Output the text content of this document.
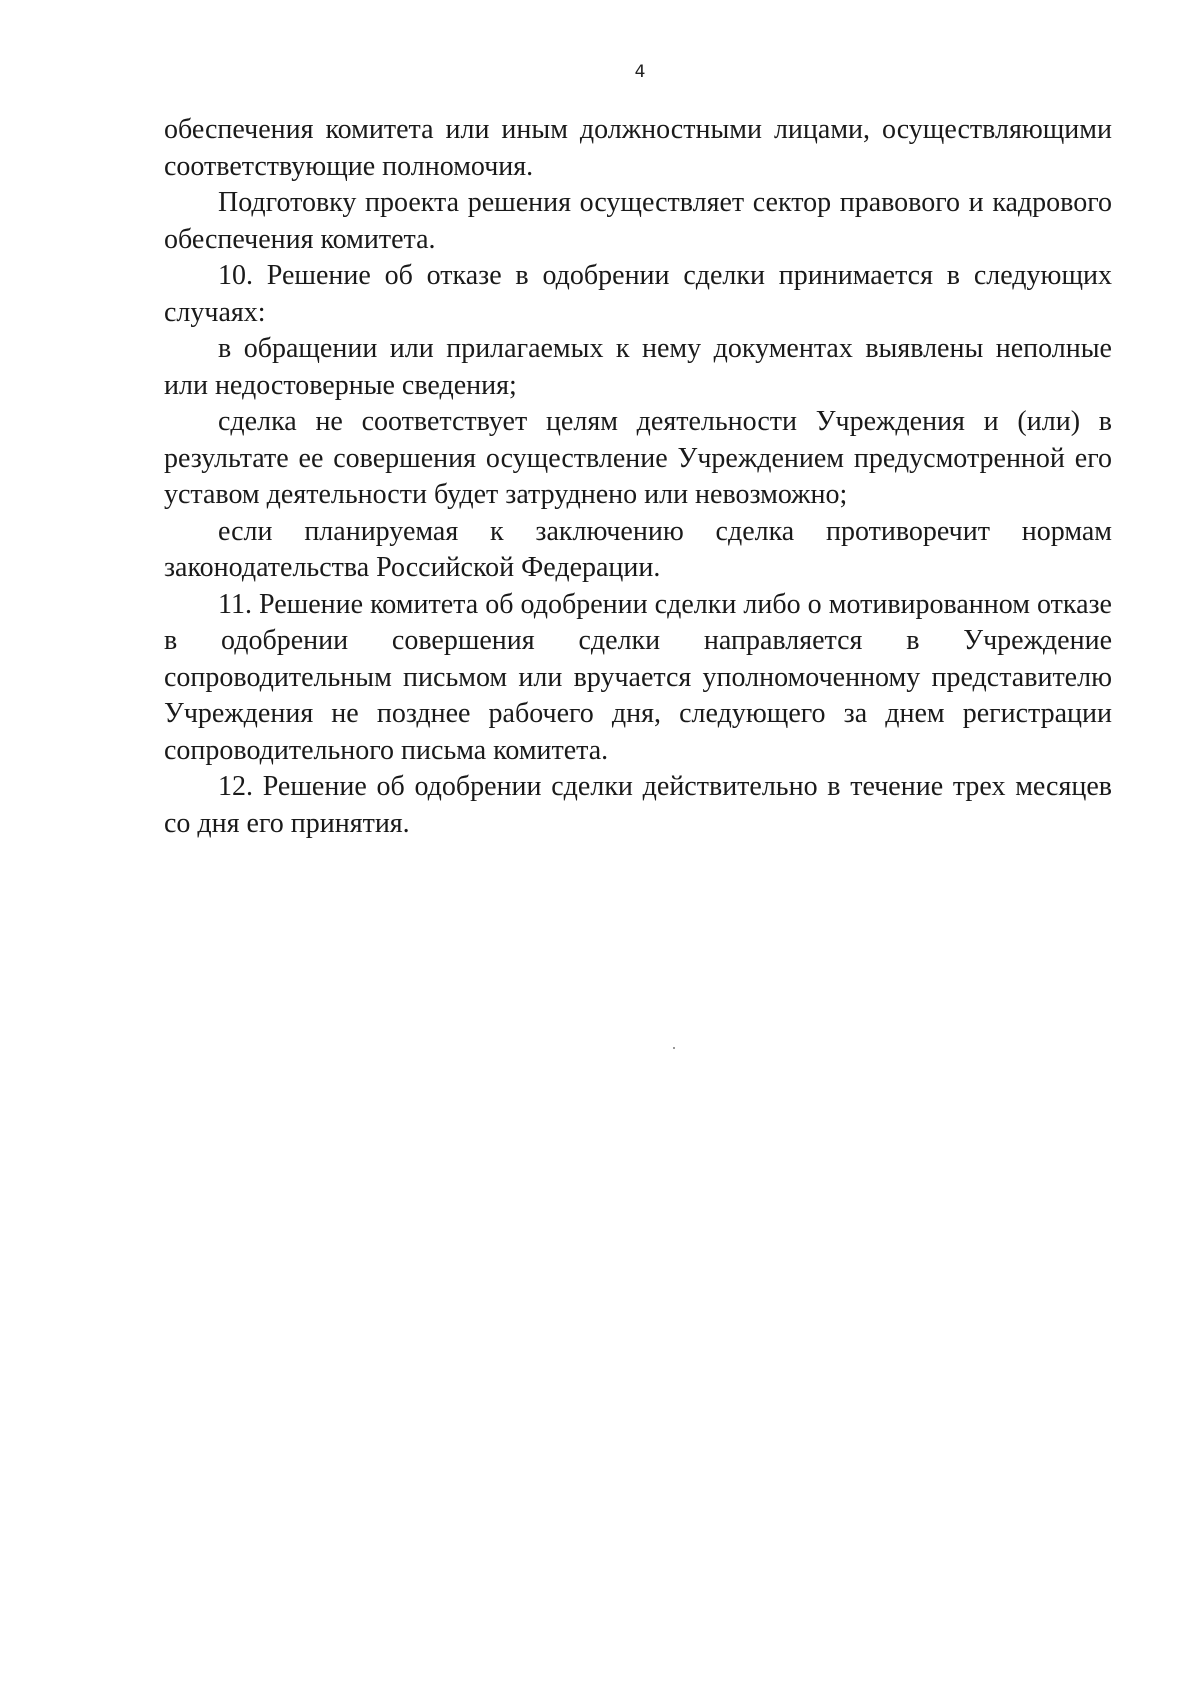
4

обеспечения комитета или иным должностными лицами, осуществляющими соответствующие полномочия.

Подготовку проекта решения осуществляет сектор правового и кадрового обеспечения комитета.

10. Решение об отказе в одобрении сделки принимается в следующих случаях:

в обращении или прилагаемых к нему документах выявлены неполные или недостоверные сведения;

сделка не соответствует целям деятельности Учреждения и (или) в результате ее совершения осуществление Учреждением предусмотренной его уставом деятельности будет затруднено или невозможно;

если планируемая к заключению сделка противоречит нормам законодательства Российской Федерации.

11. Решение комитета об одобрении сделки либо о мотивированном отказе в одобрении совершения сделки направляется в Учреждение сопроводительным письмом или вручается уполномоченному представителю Учреждения не позднее рабочего дня, следующего за днем регистрации сопроводительного письма комитета.

12. Решение об одобрении сделки действительно в течение трех месяцев со дня его принятия.
